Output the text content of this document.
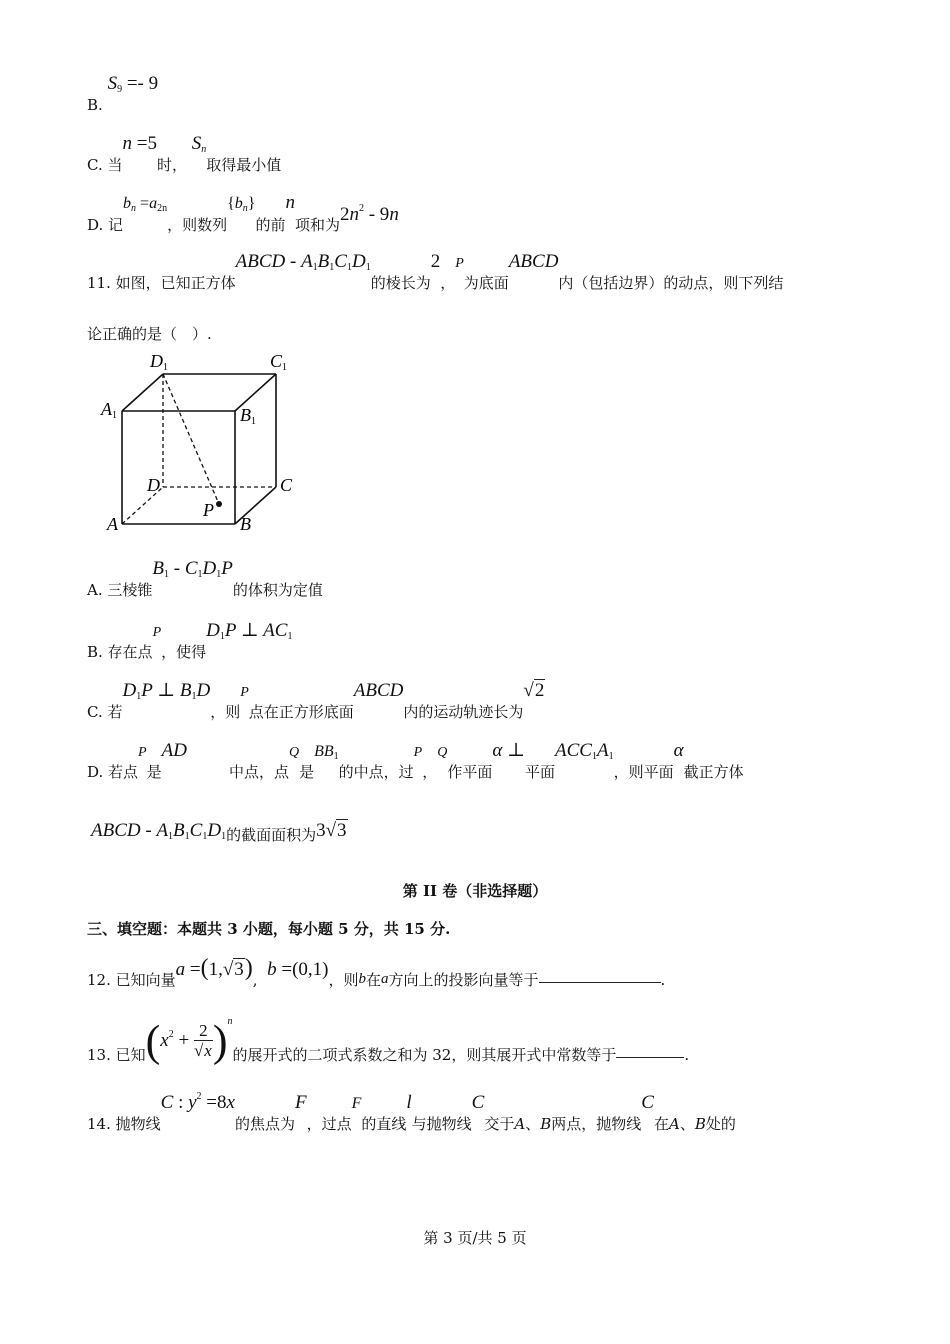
B. $S_9 =- 9$
C. 当n =5时， $S_n$取得最小值
D. 记$b_n =a_{2n}$，则数列$\{b_n\}$的前n项和为$2n^2 - 9n$
11. 如图，已知正方体ABCD - $A_1B_1C_1D_1$的棱长为2，P为底面ABCD内（包括边界）的动点，则下列结
论正确的是（　）.
D1	C1
A1	B1
D	C
A
P
B
A. 三棱锥$B_1 - C_1D_1P$的体积为定值
B. 存在点P，使得$D_1P$ ⊥ $AC_1$
C. 若$D_1P$ ⊥ $B_1D$，则P点在正方形底面ABCD内的运动轨迹长为√2
D. 若点P是AD中点，点Q是$BB_1$的中点，过P，Q作平面α ⊥平面$ACC_1A_1$，则平面α截正方体
ABCD - $A_1B_1C_1D_1$的截面面积为3√3
第 II 卷（非选择题）
三、填空题：本题共 3 小题，每小题 5 分，共 15 分.
12. 已知向量a =(1,√3),  b =(0,1)，则b在a方向上的投影向量等于	.
13. 已知$(x^2 + \frac{2}{√x} )^n$的展开式的二项式系数之和为 32，则其展开式中常数等于	.
14. 抛物线C : $y^2 =8x$的焦点为F，过点F的直线l与抛物线C交于A、B两点，抛物线C在A、B处的
第 3 页/共 5 页
